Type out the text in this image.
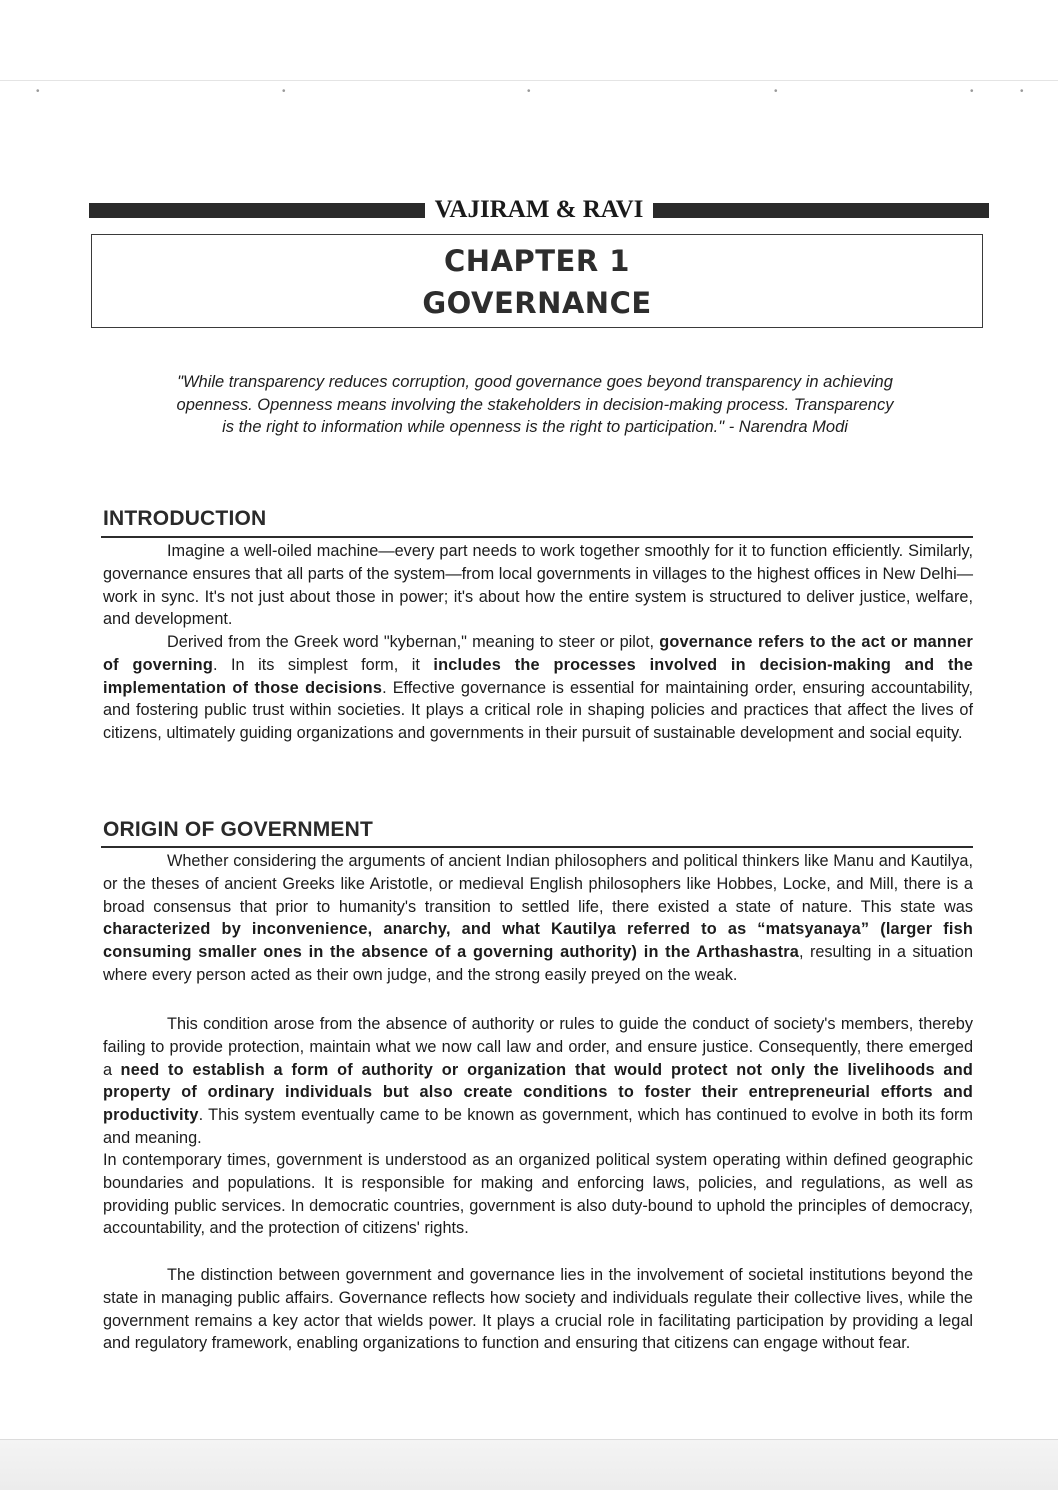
•	•	•	•	•	•
VAJIRAM & RAVI
CHAPTER 1
GOVERNANCE

"While transparency reduces corruption, good governance goes beyond transparency in achieving openness. Openness means involving the stakeholders in decision-making process. Transparency is the right to information while openness is the right to participation." - Narendra Modi

INTRODUCTION

Imagine a well-oiled machine—every part needs to work together smoothly for it to function efficiently. Similarly, governance ensures that all parts of the system—from local governments in villages to the highest offices in New Delhi—work in sync. It's not just about those in power; it's about how the entire system is structured to deliver justice, welfare, and development.

Derived from the Greek word "kybernan," meaning to steer or pilot, governance refers to the act or manner of governing. In its simplest form, it includes the processes involved in decision-making and the implementation of those decisions. Effective governance is essential for maintaining order, ensuring accountability, and fostering public trust within societies. It plays a critical role in shaping policies and practices that affect the lives of citizens, ultimately guiding organizations and governments in their pursuit of sustainable development and social equity.

ORIGIN OF GOVERNMENT

Whether considering the arguments of ancient Indian philosophers and political thinkers like Manu and Kautilya, or the theses of ancient Greeks like Aristotle, or medieval English philosophers like Hobbes, Locke, and Mill, there is a broad consensus that prior to humanity's transition to settled life, there existed a state of nature. This state was characterized by inconvenience, anarchy, and what Kautilya referred to as “matsyanaya” (larger fish consuming smaller ones in the absence of a governing authority) in the Arthashastra, resulting in a situation where every person acted as their own judge, and the strong easily preyed on the weak.

This condition arose from the absence of authority or rules to guide the conduct of society's members, thereby failing to provide protection, maintain what we now call law and order, and ensure justice. Consequently, there emerged a need to establish a form of authority or organization that would protect not only the livelihoods and property of ordinary individuals but also create conditions to foster their entrepreneurial efforts and productivity. This system eventually came to be known as government, which has continued to evolve in both its form and meaning.

In contemporary times, government is understood as an organized political system operating within defined geographic boundaries and populations. It is responsible for making and enforcing laws, policies, and regulations, as well as providing public services. In democratic countries, government is also duty-bound to uphold the principles of democracy, accountability, and the protection of citizens' rights.

The distinction between government and governance lies in the involvement of societal institutions beyond the state in managing public affairs. Governance reflects how society and individuals regulate their collective lives, while the government remains a key actor that wields power. It plays a crucial role in facilitating participation by providing a legal and regulatory framework, enabling organizations to function and ensuring that citizens can engage without fear.
